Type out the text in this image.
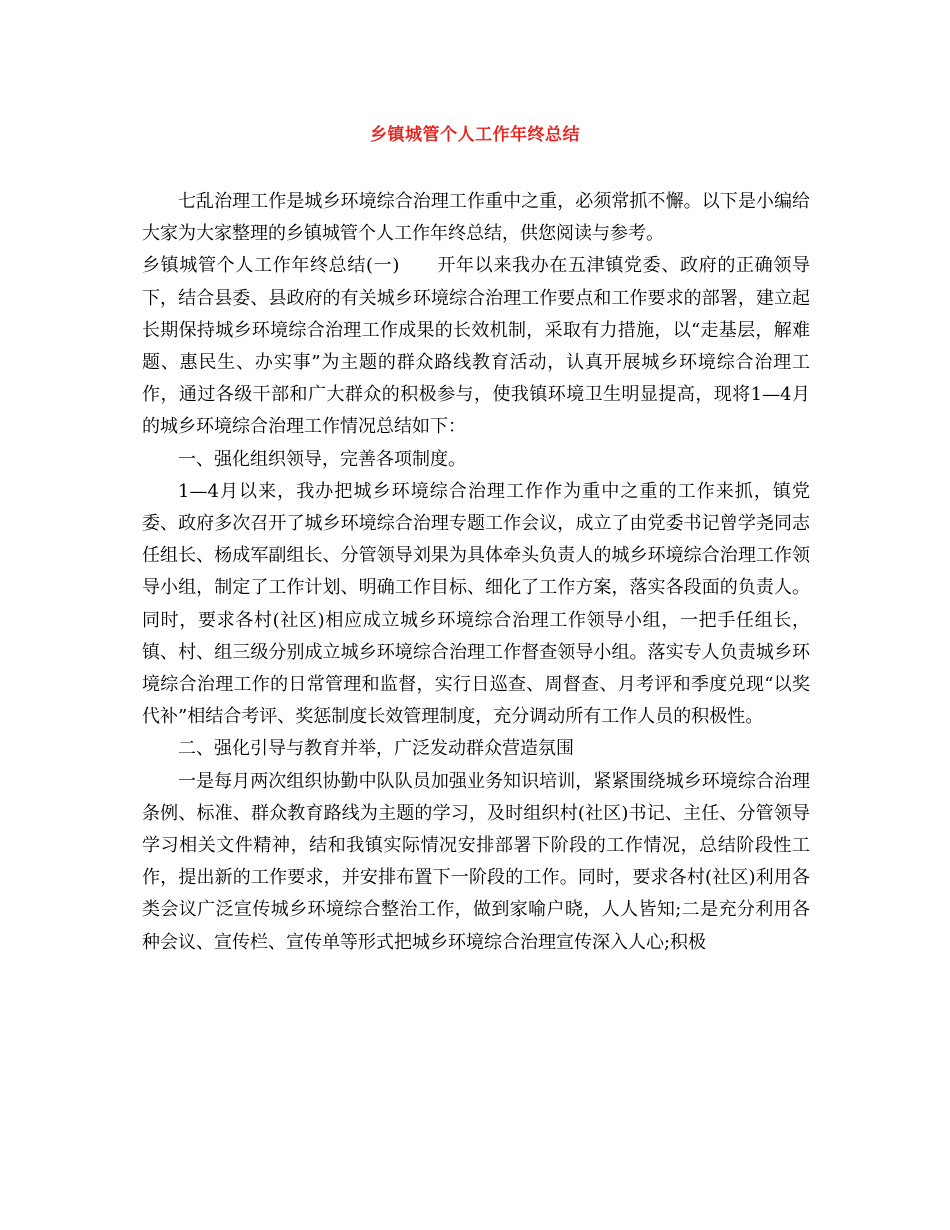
乡镇城管个人工作年终总结

七乱治理工作是城乡环境综合治理工作重中之重，必须常抓不懈。以下是小编给大家为大家整理的乡镇城管个人工作年终总结，供您阅读与参考。

乡镇城管个人工作年终总结(一)　　开年以来我办在五津镇党委、政府的正确领导下，结合县委、县政府的有关城乡环境综合治理工作要点和工作要求的部署，建立起长期保持城乡环境综合治理工作成果的长效机制，采取有力措施，以“走基层，解难题、惠民生、办实事”为主题的群众路线教育活动，认真开展城乡环境综合治理工作，通过各级干部和广大群众的积极参与，使我镇环境卫生明显提高，现将1—4月的城乡环境综合治理工作情况总结如下：

一、强化组织领导，完善各项制度。

1—4月以来，我办把城乡环境综合治理工作作为重中之重的工作来抓，镇党委、政府多次召开了城乡环境综合治理专题工作会议，成立了由党委书记曾学尧同志任组长、杨成军副组长、分管领导刘果为具体牵头负责人的城乡环境综合治理工作领导小组，制定了工作计划、明确工作目标、细化了工作方案，落实各段面的负责人。同时，要求各村(社区)相应成立城乡环境综合治理工作领导小组，一把手任组长，镇、村、组三级分别成立城乡环境综合治理工作督查领导小组。落实专人负责城乡环境综合治理工作的日常管理和监督，实行日巡查、周督查、月考评和季度兑现“以奖代补”相结合考评、奖惩制度长效管理制度，充分调动所有工作人员的积极性。

二、强化引导与教育并举，广泛发动群众营造氛围

一是每月两次组织协勤中队队员加强业务知识培训，紧紧围绕城乡环境综合治理条例、标准、群众教育路线为主题的学习，及时组织村(社区)书记、主任、分管领导学习相关文件精神，结和我镇实际情况安排部署下阶段的工作情况，总结阶段性工作，提出新的工作要求，并安排布置下一阶段的工作。同时，要求各村(社区)利用各类会议广泛宣传城乡环境综合整治工作，做到家喻户晓，人人皆知;二是充分利用各种会议、宣传栏、宣传单等形式把城乡环境综合治理宣传深入人心;积极
